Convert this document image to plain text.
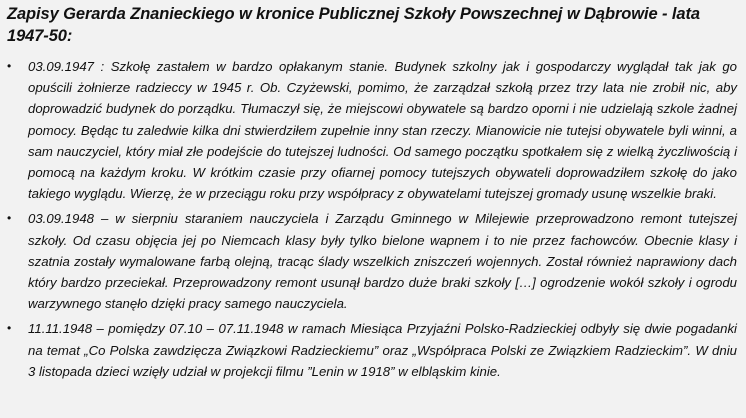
Zapisy Gerarda Znanieckiego w kronice Publicznej Szkoły Powszechnej w Dąbrowie - lata 1947-50:
• 03.09.1947 : Szkołę zastałem w bardzo opłakanym stanie. Budynek szkolny jak i gospodarczy wyglądał tak jak go opuścili żołnierze radzieccy w 1945 r. Ob. Czyżewski, pomimo, że zarządzał szkołą przez trzy lata nie zrobił nic, aby doprowadzić budynek do porządku. Tłumaczył się, że miejscowi obywatele są bardzo oporni i nie udzielają szkole żadnej pomocy. Będąc tu zaledwie kilka dni stwierdziłem zupełnie inny stan rzeczy. Mianowicie nie tutejsi obywatele byli winni, a sam nauczyciel, który miał złe podejście do tutejszej ludności. Od samego początku spotkałem się z wielką życzliwością i pomocą na każdym kroku. W krótkim czasie przy ofiarnej pomocy tutejszych obywateli doprowadziłem szkołę do jako takiego wyglądu. Wierzę, że w przeciągu roku przy współpracy z obywatelami tutejszej gromady usunę wszelkie braki.
• 03.09.1948 – w sierpniu staraniem nauczyciela i Zarządu Gminnego w Milejewie przeprowadzono remont tutejszej szkoły. Od czasu objęcia jej po Niemcach klasy były tylko bielone wapnem i to nie przez fachowców. Obecnie klasy i szatnia zostały wymalowane farbą olejną, tracąc ślady wszelkich zniszczeń wojennych. Został również naprawiony dach który bardzo przeciekał. Przeprowadzony remont usunął bardzo duże braki szkoły […] ogrodzenie wokół szkoły i ogrodu warzywnego stanęło dzięki pracy samego nauczyciela.
• 11.11.1948 – pomiędzy 07.10 – 07.11.1948 w ramach Miesiąca Przyjaźni Polsko-Radzieckiej odbyły się dwie pogadanki na temat „Co Polska zawdzięcza Związkowi Radzieckiemu” oraz „Współpraca Polski ze Związkiem Radzieckim”. W dniu 3 listopada dzieci wzięły udział w projekcji filmu ”Lenin w 1918” w elbląskim kinie.
